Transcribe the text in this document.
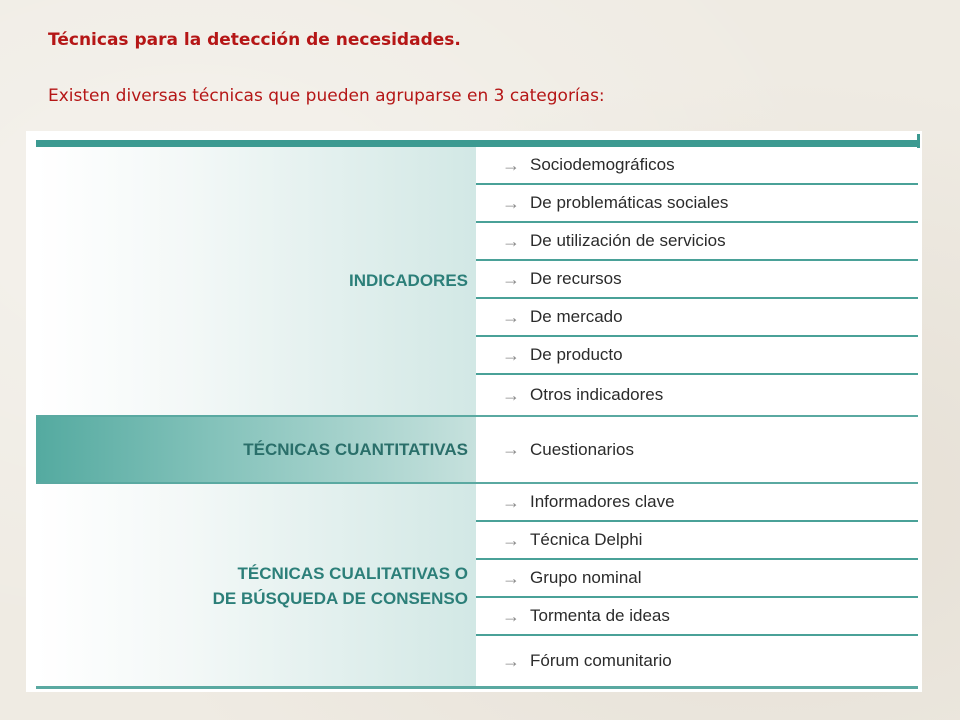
Técnicas para la detección de necesidades.

Existen diversas técnicas que pueden agruparse en 3 categorías:

INDICADORES
TÉCNICAS CUANTITATIVAS
TÉCNICAS CUALITATIVAS O
DE BÚSQUEDA DE CONSENSO
→ Sociodemográficos
→ De problemáticas sociales
→ De utilización de servicios
→ De recursos
→ De mercado
→ De producto
→ Otros indicadores
→ Cuestionarios
→ Informadores clave
→ Técnica Delphi
→ Grupo nominal
→ Tormenta de ideas
→ Fórum comunitario
